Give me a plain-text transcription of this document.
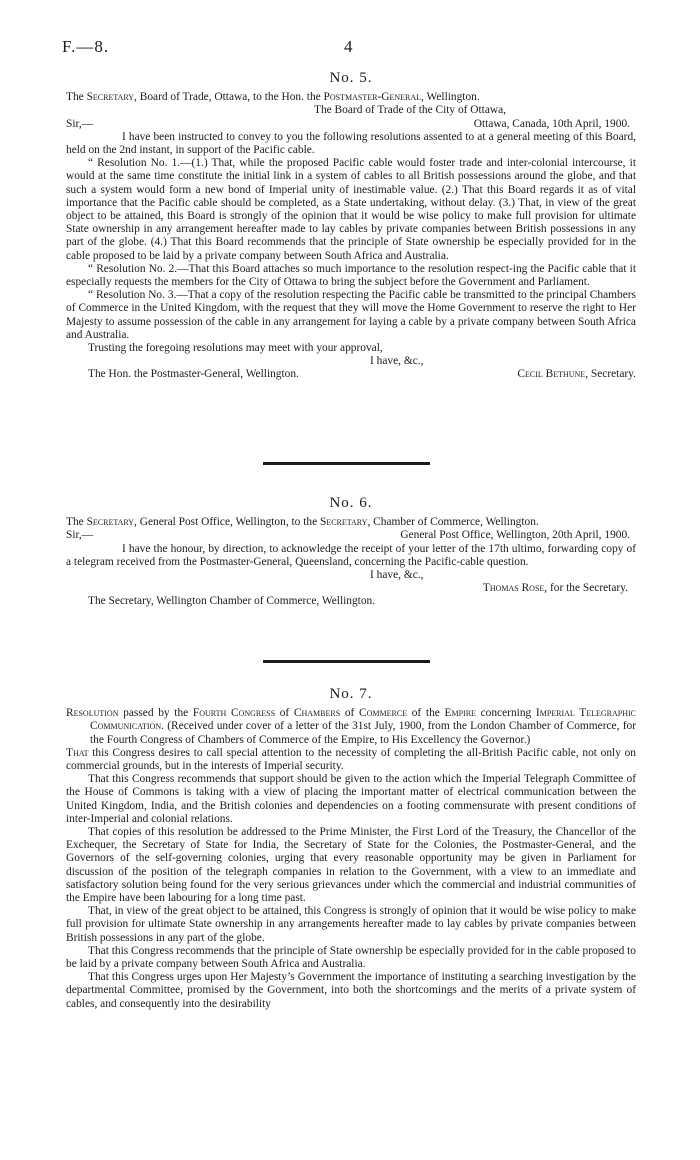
F.—8.	4
No. 5.

The Secretary, Board of Trade, Ottawa, to the Hon. the Postmaster-General, Wellington.

The Board of Trade of the City of Ottawa,

Sir,—	Ottawa, Canada, 10th April, 1900.

I have been instructed to convey to you the following resolutions assented to at a general meeting of this Board, held on the 2nd instant, in support of the Pacific cable.

“ Resolution No. 1.—(1.) That, while the proposed Pacific cable would foster trade and inter-colonial intercourse, it would at the same time constitute the initial link in a system of cables to all British possessions around the globe, and that such a system would form a new bond of Imperial unity of inestimable value. (2.) That this Board regards it as of vital importance that the Pacific cable should be completed, as a State undertaking, without delay. (3.) That, in view of the great object to be attained, this Board is strongly of the opinion that it would be wise policy to make full provision for ultimate State ownership in any arrangement hereafter made to lay cables by private companies between British possessions in any part of the globe. (4.) That this Board recommends that the principle of State ownership be especially provided for in the cable proposed to be laid by a private company between South Africa and Australia.

“ Resolution No. 2.—That this Board attaches so much importance to the resolution respect-ing the Pacific cable that it especially requests the members for the City of Ottawa to bring the subject before the Government and Parliament.

“ Resolution No. 3.—That a copy of the resolution respecting the Pacific cable be transmitted to the principal Chambers of Commerce in the United Kingdom, with the request that they will move the Home Government to reserve the right to Her Majesty to assume possession of the cable in any arrangement for laying a cable by a private company between South Africa and Australia.

Trusting the foregoing resolutions may meet with your approval,

I have, &c.,

The Hon. the Postmaster-General, Wellington.	Cecil Bethune, Secretary.
No. 6.

The Secretary, General Post Office, Wellington, to the Secretary, Chamber of Commerce, Wellington.

Sir,—	General Post Office, Wellington, 20th April, 1900.

I have the honour, by direction, to acknowledge the receipt of your letter of the 17th ultimo, forwarding copy of a telegram received from the Postmaster-General, Queensland, concerning the Pacific-cable question.

I have, &c.,

Thomas Rose, for the Secretary.

The Secretary, Wellington Chamber of Commerce, Wellington.

No. 7.

Resolution passed by the Fourth Congress of Chambers of Commerce of the Empire concerning Imperial Telegraphic Communication. (Received under cover of a letter of the 31st July, 1900, from the London Chamber of Commerce, for the Fourth Congress of Chambers of Commerce of the Empire, to His Excellency the Governor.)

That this Congress desires to call special attention to the necessity of completing the all-British Pacific cable, not only on commercial grounds, but in the interests of Imperial security.

That this Congress recommends that support should be given to the action which the Imperial Telegraph Committee of the House of Commons is taking with a view of placing the important matter of electrical communication between the United Kingdom, India, and the British colonies and dependencies on a footing commensurate with present conditions of inter-Imperial and colonial relations.

That copies of this resolution be addressed to the Prime Minister, the First Lord of the Treasury, the Chancellor of the Exchequer, the Secretary of State for India, the Secretary of State for the Colonies, the Postmaster-General, and the Governors of the self-governing colonies, urging that every reasonable opportunity may be given in Parliament for discussion of the position of the telegraph companies in relation to the Government, with a view to an immediate and satisfactory solution being found for the very serious grievances under which the commercial and industrial communities of the Empire have been labouring for a long time past.

That, in view of the great object to be attained, this Congress is strongly of opinion that it would be wise policy to make full provision for ultimate State ownership in any arrangements hereafter made to lay cables by private companies between British possessions in any part of the globe.

That this Congress recommends that the principle of State ownership be especially provided for in the cable proposed to be laid by a private company between South Africa and Australia.

That this Congress urges upon Her Majesty’s Government the importance of instituting a searching investigation by the departmental Committee, promised by the Government, into both the shortcomings and the merits of a private system of cables, and consequently into the desirability
